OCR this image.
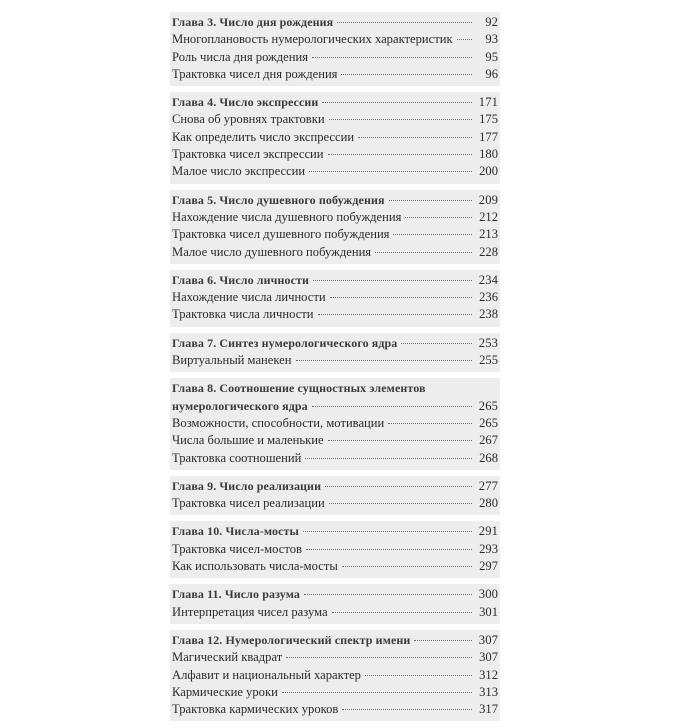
Глава 3. Число дня рождения	92
Многоплановость нумерологических характеристик	93
Роль числа дня рождения	95
Трактовка чисел дня рождения	96
Глава 4. Число экспрессии	171
Снова об уровнях трактовки	175
Как определить число экспрессии	177
Трактовка чисел экспрессии	180
Малое число экспрессии	200
Глава 5. Число душевного побуждения	209
Нахождение числа душевного побуждения	212
Трактовка чисел душевного побуждения	213
Малое число душевного побуждения	228
Глава 6. Число личности	234
Нахождение числа личности	236
Трактовка числа личности	238
Глава 7. Синтез нумерологического ядра	253
Виртуальный манекен	255
Глава 8. Соотношение сущностных элементов
нумерологического ядра	265
Возможности, способности, мотивации	265
Числа большие и маленькие	267
Трактовка соотношений	268
Глава 9. Число реализации	277
Трактовка чисел реализации	280
Глава 10. Числа-мосты	291
Трактовка чисел-мостов	293
Как использовать числа-мосты	297
Глава 11. Число разума	300
Интерпретация чисел разума	301
Глава 12. Нумерологический спектр имени	307
Магический квадрат	307
Алфавит и национальный характер	312
Кармические уроки	313
Трактовка кармических уроков	317
